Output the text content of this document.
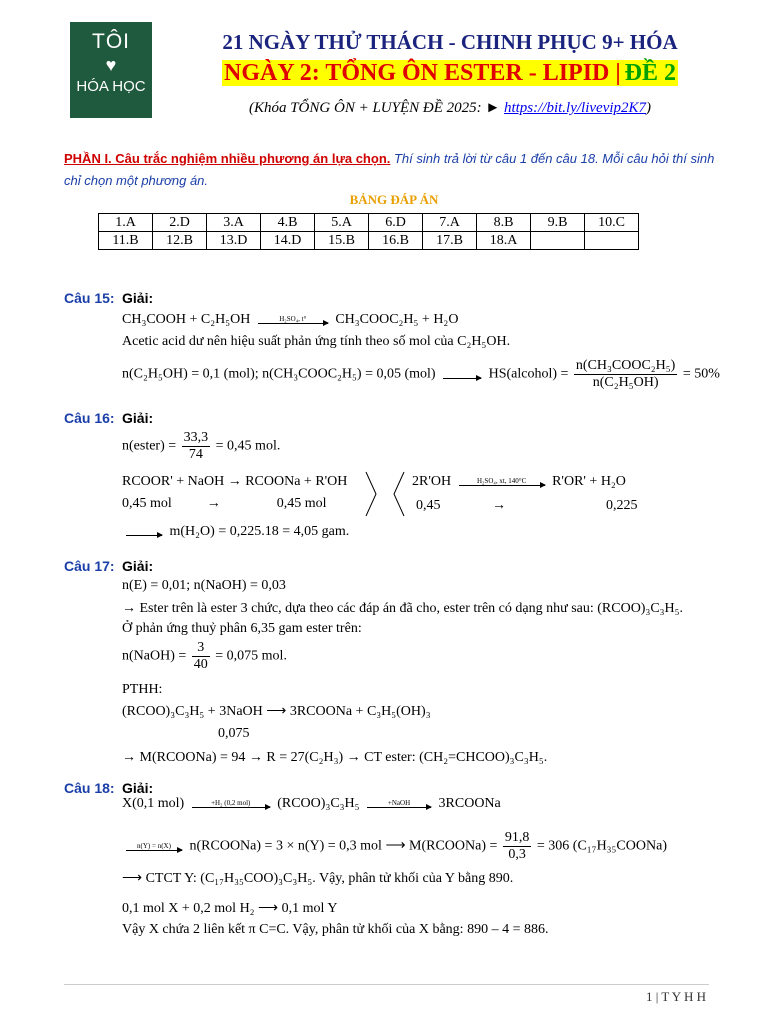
TÔI
♥
HÓA HỌC
21 NGÀY THỬ THÁCH - CHINH PHỤC 9+ HÓA
NGÀY 2: TỔNG ÔN ESTER - LIPID | ĐỀ 2
(Khóa TỔNG ÔN + LUYỆN ĐỀ 2025: ► https://bit.ly/livevip2K7)
PHẦN I. Câu trắc nghiệm nhiều phương án lựa chọn. Thí sinh trả lời từ câu 1 đến câu 18. Mỗi câu hỏi thí sinh chỉ chọn một phương án.
BẢNG ĐÁP ÁN
1.A	2.D	3.A	4.B	5.A	6.D	7.A	8.B	9.B	10.C
11.B	12.B	13.D	14.D	15.B	16.B	17.B	18.A		
Câu 15: Giải:
CH₃COOH + C₂H₅OH	H₂SO₄, t°	CH₃COOC₂H₅ + H₂O
Acetic acid dư nên hiệu suất phản ứng tính theo số mol của C₂H₅OH.
n(C₂H₅OH) = 0,1 (mol); n(CH₃COOC₂H₅) = 0,05 (mol)
	HS(alcohol) = $\frac{\text{n(CH₃COOC₂H₅)}}{\text{n(C₂H₅OH)}} = 50\%$
Câu 16: Giải:
n(ester) = $\frac{33,3}{74} = 0,45$ mol.
RCOOR' + NaOH → RCOONa + R'OH
0,45 mol          →                0,45 mol
2R'OH	H₂SO₄, xt, 140°C	R'OR' + H₂O
0,45	→	0,225

m(H₂O) = 0,225.18 = 4,05 gam.
Câu 17: Giải:
n(E) = 0,01; n(NaOH) = 0,03
→ Ester trên là ester 3 chức, dựa theo các đáp án đã cho, ester trên có dạng như sau: (RCOO)₃C₃H₅.
Ở phản ứng thuỷ phân 6,35 gam ester trên:
n(NaOH) = $\frac{3}{40} = 0,075$ mol.
PTHH:
(RCOO)₃C₃H₅ + 3NaOH ⟶ 3RCOONa + C₃H₅(OH)₃
0,075
→ M(RCOONa) = 94 → R = 27(C₂H₃) → CT ester: (CH₂=CHCOO)₃C₃H₅.
Câu 18: Giải:
X(0,1 mol)	+H₂ (0,2 mol)	(RCOO)₃C₃H₅	+NaOH	3RCOONa
n(Y) = n(X)	n(RCOONa) = 3 × n(Y) = 0,3 mol ⟶ M(RCOONa) = $\frac{91,8}{0,3} = 306$ (C₁₇H₃₅COONa)
⟶ CTCT Y: (C₁₇H₃₅COO)₃C₃H₅. Vậy, phân tử khối của Y bằng 890.
0,1 mol X + 0,2 mol H₂ ⟶ 0,1 mol Y
Vậy X chứa 2 liên kết π C=C. Vậy, phân tử khối của X bằng: 890 – 4 = 886.
1 | T Y H H
